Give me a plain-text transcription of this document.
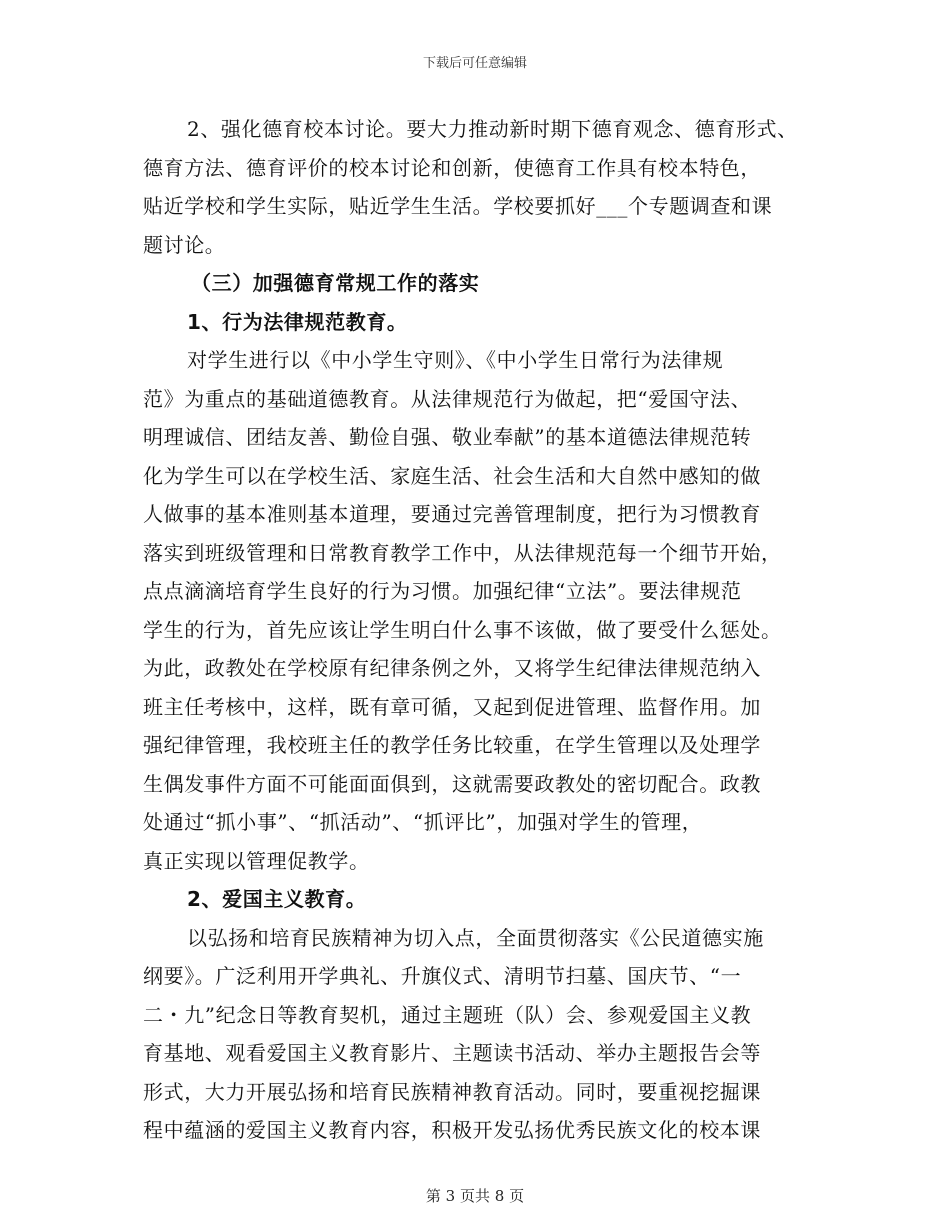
下载后可任意编辑
2、强化德育校本讨论。要大力推动新时期下德育观念、德育形式、
德育方法、德育评价的校本讨论和创新，使德育工作具有校本特色，
贴近学校和学生实际，贴近学生生活。学校要抓好___个专题调查和课
题讨论。
（三）加强德育常规工作的落实
1、行为法律规范教育。
对学生进行以《中小学生守则》、《中小学生日常行为法律规
范》为重点的基础道德教育。从法律规范行为做起，把“爱国守法、
明理诚信、团结友善、勤俭自强、敬业奉献”的基本道德法律规范转
化为学生可以在学校生活、家庭生活、社会生活和大自然中感知的做
人做事的基本准则基本道理，要通过完善管理制度，把行为习惯教育
落实到班级管理和日常教育教学工作中，从法律规范每一个细节开始，
点点滴滴培育学生良好的行为习惯。加强纪律“立法”。要法律规范
学生的行为，首先应该让学生明白什么事不该做，做了要受什么惩处。
为此，政教处在学校原有纪律条例之外，又将学生纪律法律规范纳入
班主任考核中，这样，既有章可循，又起到促进管理、监督作用。加
强纪律管理，我校班主任的教学任务比较重，在学生管理以及处理学
生偶发事件方面不可能面面俱到，这就需要政教处的密切配合。政教
处通过“抓小事”、“抓活动”、“抓评比”，加强对学生的管理，
真正实现以管理促教学。
2、爱国主义教育。
以弘扬和培育民族精神为切入点，全面贯彻落实《公民道德实施
纲要》。广泛利用开学典礼、升旗仪式、清明节扫墓、国庆节、“一
二・九”纪念日等教育契机，通过主题班（队）会、参观爱国主义教
育基地、观看爱国主义教育影片、主题读书活动、举办主题报告会等
形式，大力开展弘扬和培育民族精神教育活动。同时，要重视挖掘课
程中蕴涵的爱国主义教育内容，积极开发弘扬优秀民族文化的校本课
第 3 页共 8 页
